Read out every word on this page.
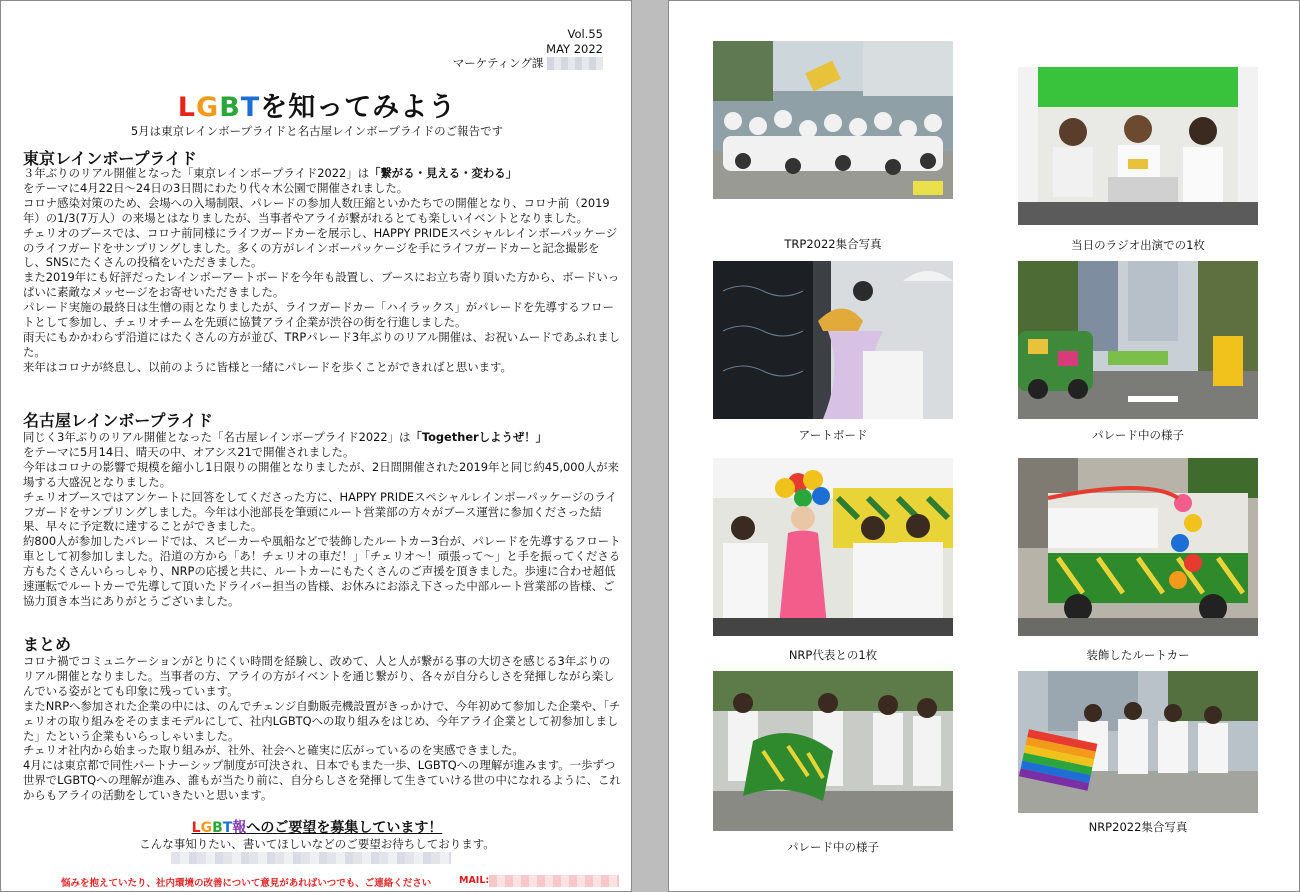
Vol.55
MAY 2022
マーケティング課
LGBTを知ってみよう
5月は東京レインボープライドと名古屋レインボープライドのご報告です
東京レインボープライド

３年ぶりのリアル開催となった「東京レインボープライド2022」は「繋がる・見える・変わる」

をテーマに4月22日～24日の3日間にわたり代々木公園で開催されました。

コロナ感染対策のため、会場への入場制限、パレードの参加人数圧縮といかたちでの開催となり、コロナ前（2019年）の1/3(7万人）の来場とはなりましたが、当事者やアライが繋がれるとても楽しいイベントとなりました。

チェリオのブースでは、コロナ前同様にライフガードカーを展示し、HAPPY PRIDEスペシャルレインボーパッケージのライフガードをサンプリングしました。多くの方がレインボーパッケージを手にライフガードカーと記念撮影をし、SNSにたくさんの投稿をいただきました。

また2019年にも好評だったレインボーアートボードを今年も設置し、ブースにお立ち寄り頂いた方から、ボードいっぱいに素敵なメッセージをお寄せいただきました。

パレード実施の最終日は生憎の雨となりましたが、ライフガードカー「ハイラックス」がパレードを先導するフロートとして参加し、チェリオチームを先頭に協賛アライ企業が渋谷の街を行進しました。

雨天にもかかわらず沿道にはたくさんの方が並び、TRPパレード3年ぶりのリアル開催は、お祝いムードであふれました。

来年はコロナが終息し、以前のように皆様と一緒にパレードを歩くことができればと思います。

名古屋レインボープライド

同じく3年ぶりのリアル開催となった「名古屋レインボープライド2022」は「Togetherしようぜ！」

をテーマに5月14日、晴天の中、オアシス21で開催されました。

今年はコロナの影響で規模を縮小し1日限りの開催となりましたが、2日間開催された2019年と同じ約45,000人が来場する大盛況となりました。

チェリオブースではアンケートに回答をしてくださった方に、HAPPY PRIDEスペシャルレインボーパッケージのライフガードをサンプリングしました。今年は小池部長を筆頭にルート営業部の方々がブース運営に参加くださった結果、早々に予定数に達することができました。

約800人が参加したパレードでは、スピーカーや風船などで装飾したルートカー3台が、パレードを先導するフロート車として初参加しました。沿道の方から「あ！チェリオの車だ！」「チェリオ～！頑張って～」と手を振ってくださる方もたくさんいらっしゃり、NRPの応援と共に、ルートカーにもたくさんのご声援を頂きました。歩速に合わせ超低速運転でルートカーで先導して頂いたドライバー担当の皆様、お休みにお添え下さった中部ルート営業部の皆様、ご協力頂き本当にありがとうございました。

まとめ

コロナ禍でコミュニケーションがとりにくい時間を経験し、改めて、人と人が繋がる事の大切さを感じる3年ぶりのリアル開催となりました。当事者の方、アライの方がイベントを通じ繋がり、各々が自分らしさを発揮しながら楽しんでいる姿がとても印象に残っています。

またNRPへ参加された企業の中には、のんでチェンジ自動販売機設置がきっかけで、今年初めて参加した企業や、「チェリオの取り組みをそのままモデルにして、社内LGBTQへの取り組みをはじめ、今年アライ企業として初参加しました」たという企業もいらっしゃいました。

チェリオ社内から始まった取り組みが、社外、社会へと確実に広がっているのを実感できました。

4月には東京都で同性パートナーシップ制度が可決され、日本でもまた一歩、LGBTQへの理解が進みます。一歩ずつ世界でLGBTQへの理解が進み、誰もが当たり前に、自分らしさを発揮して生きていける世の中になれるように、これからもアライの活動をしていきたいと思います。

LGBT報へのご要望を募集しています！
こんな事知りたい、書いてほしいなどのご要望お待ちしております。
悩みを抱えていたり、社内環境の改善について意見があればいつでも、ご連絡ください	MAIL:
TRP2022集合写真	当日のラジオ出演での1枚
アートボード	パレード中の様子
NRP代表との1枚	装飾したルートカー
パレード中の様子
NRP2022集合写真
